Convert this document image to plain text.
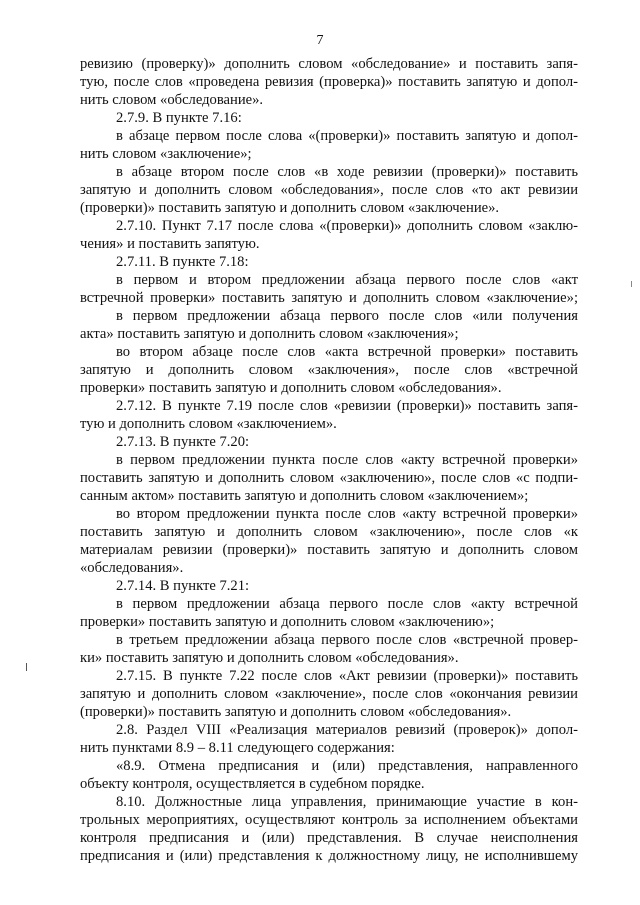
7
ревизию (проверку)» дополнить словом «обследование» и поставить запя-
тую, после слов «проведена ревизия (проверка)» поставить запятую и допол-
нить словом «обследование».
2.7.9. В пункте 7.16:
в абзаце первом после слова «(проверки)» поставить запятую и допол-
нить словом «заключение»;
в абзаце втором после слов «в ходе ревизии (проверки)» поставить
запятую и дополнить словом «обследования», после слов «то акт ревизии
(проверки)» поставить запятую и дополнить словом «заключение».
2.7.10. Пункт 7.17 после слова «(проверки)» дополнить словом «заклю-
чения» и поставить запятую.
2.7.11. В пункте 7.18:
в первом и втором предложении абзаца первого после слов «акт
встречной проверки» поставить запятую и дополнить словом «заключение»;
в первом предложении абзаца первого после слов «или получения
акта» поставить запятую и дополнить словом «заключения»;
во втором абзаце после слов «акта встречной проверки» поставить
запятую и дополнить словом «заключения», после слов «встречной
проверки» поставить запятую и дополнить словом «обследования».
2.7.12. В пункте 7.19 после слов «ревизии (проверки)» поставить запя-
тую и дополнить словом «заключением».
2.7.13. В пункте 7.20:
в первом предложении пункта после слов «акту встречной проверки»
поставить запятую и дополнить словом «заключению», после слов «с подпи-
санным актом» поставить запятую и дополнить словом «заключением»;
во втором предложении пункта после слов «акту встречной проверки»
поставить запятую и дополнить словом «заключению», после слов «к
материалам ревизии (проверки)» поставить запятую и дополнить словом
«обследования».
2.7.14. В пункте 7.21:
в первом предложении абзаца первого после слов «акту встречной
проверки» поставить запятую и дополнить словом «заключению»;
в третьем предложении абзаца первого после слов «встречной провер-
ки» поставить запятую и дополнить словом «обследования».
2.7.15. В пункте 7.22 после слов «Акт ревизии (проверки)» поставить
запятую и дополнить словом «заключение», после слов «окончания ревизии
(проверки)» поставить запятую и дополнить словом «обследования».
2.8. Раздел VIII «Реализация материалов ревизий (проверок)» допол-
нить пунктами 8.9 – 8.11 следующего содержания:
«8.9. Отмена предписания и (или) представления, направленного
объекту контроля, осуществляется в судебном порядке.
8.10. Должностные лица управления, принимающие участие в кон-
трольных мероприятиях, осуществляют контроль за исполнением объектами
контроля предписания и (или) представления. В случае неисполнения
предписания и (или) представления к должностному лицу, не исполнившему
